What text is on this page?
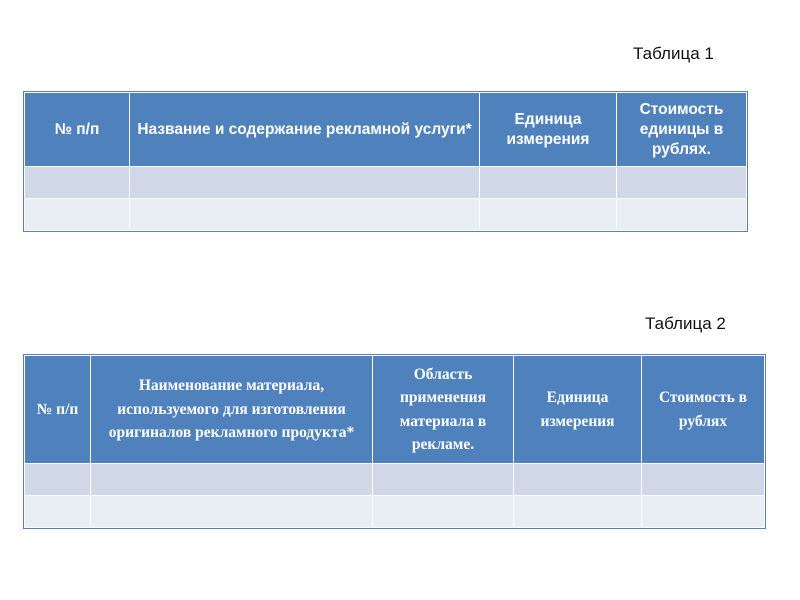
Таблица 1
№ п/п	Название и содержание рекламной услуги*	Единица измерения	Стоимость единицы в рублях.

Таблица 2
№ п/п	Наименование материала, используемого для изготовления оригиналов рекламного продукта*	Область применения материала в рекламе.	Единица измерения	Стоимость в рублях
